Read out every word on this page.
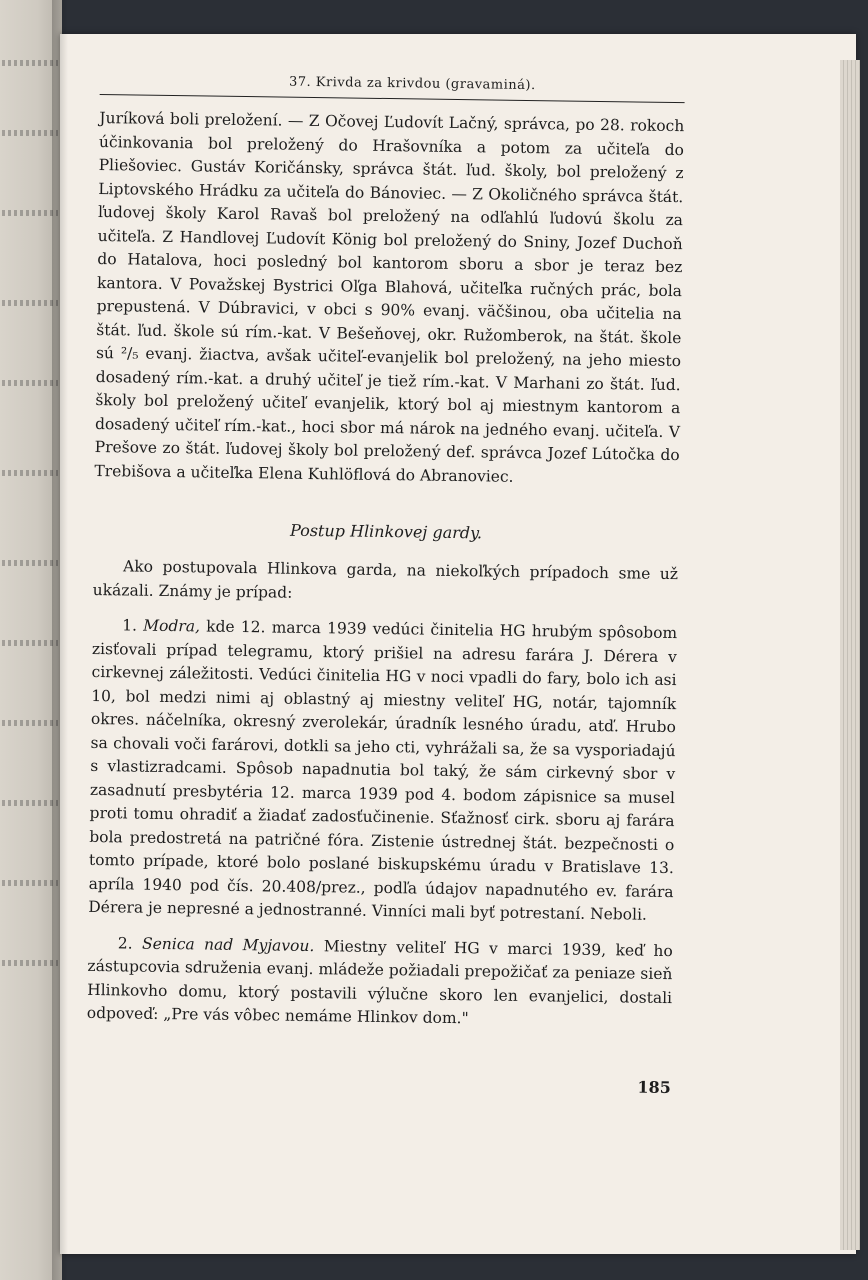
37. Krivda za krivdou (gravaminá).

Juríková boli preložení. — Z Očovej Ľudovít Lačný, správca, po 28. rokoch účinkovania bol preložený do Hrašovníka a potom za učiteľa do Pliešoviec. Gustáv Koričánsky, správca štát. ľud. školy, bol preložený z Liptovského Hrádku za učiteľa do Bánoviec. — Z Okoličného správca štát. ľudovej školy Karol Ravaš bol preložený na odľahlú ľudovú školu za učiteľa. Z Handlovej Ľudovít König bol preložený do Sniny, Jozef Duchoň do Hatalova, hoci posledný bol kantorom sboru a sbor je teraz bez kantora. V Považskej Bystrici Oľga Blahová, učiteľka ručných prác, bola prepustená. V Dúbravici, v obci s 90% evanj. väčšinou, oba učitelia na štát. ľud. škole sú rím.-kat. V Bešeňovej, okr. Ružomberok, na štát. škole sú ²/₅ evanj. žiactva, avšak učiteľ-evanjelik bol preložený, na jeho miesto dosadený rím.-kat. a druhý učiteľ je tiež rím.-kat. V Marhani zo štát. ľud. školy bol preložený učiteľ evanjelik, ktorý bol aj miestnym kantorom a dosadený učiteľ rím.-kat., hoci sbor má nárok na jedného evanj. učiteľa. V Prešove zo štát. ľudovej školy bol preložený def. správca Jozef Lútočka do Trebišova a učiteľka Elena Kuhlöflová do Abranoviec.

Postup Hlinkovej gardy.

Ako postupovala Hlinkova garda, na niekoľkých prípadoch sme už ukázali. Známy je prípad:

1. Modra, kde 12. marca 1939 vedúci činitelia HG hrubým spôsobom zisťovali prípad telegramu, ktorý prišiel na adresu farára J. Dérera v cirkevnej záležitosti. Vedúci činitelia HG v noci vpadli do fary, bolo ich asi 10, bol medzi nimi aj oblastný aj miestny veliteľ HG, notár, tajomník okres. náčelníka, okresný zverolekár, úradník lesného úradu, atď. Hrubo sa chovali voči farárovi, dotkli sa jeho cti, vyhrážali sa, že sa vysporiadajú s vlastizradcami. Spôsob napadnutia bol taký, že sám cirkevný sbor v zasadnutí presbytéria 12. marca 1939 pod 4. bodom zápisnice sa musel proti tomu ohradiť a žiadať zadosťučinenie. Sťažnosť cirk. sboru aj farára bola predostretá na patričné fóra. Zistenie ústrednej štát. bezpečnosti o tomto prípade, ktoré bolo poslané biskupskému úradu v Bratislave 13. apríla 1940 pod čís. 20.408/prez., podľa údajov napadnutého ev. farára Dérera je nepresné a jednostranné. Vinníci mali byť potrestaní. Neboli.

2. Senica nad Myjavou. Miestny veliteľ HG v marci 1939, keď ho zástupcovia sdruženia evanj. mládeže požiadali prepožičať za peniaze sieň Hlinkovho domu, ktorý postavili výlučne skoro len evanjelici, dostali odpoveď: „Pre vás vôbec nemáme Hlinkov dom."

185
